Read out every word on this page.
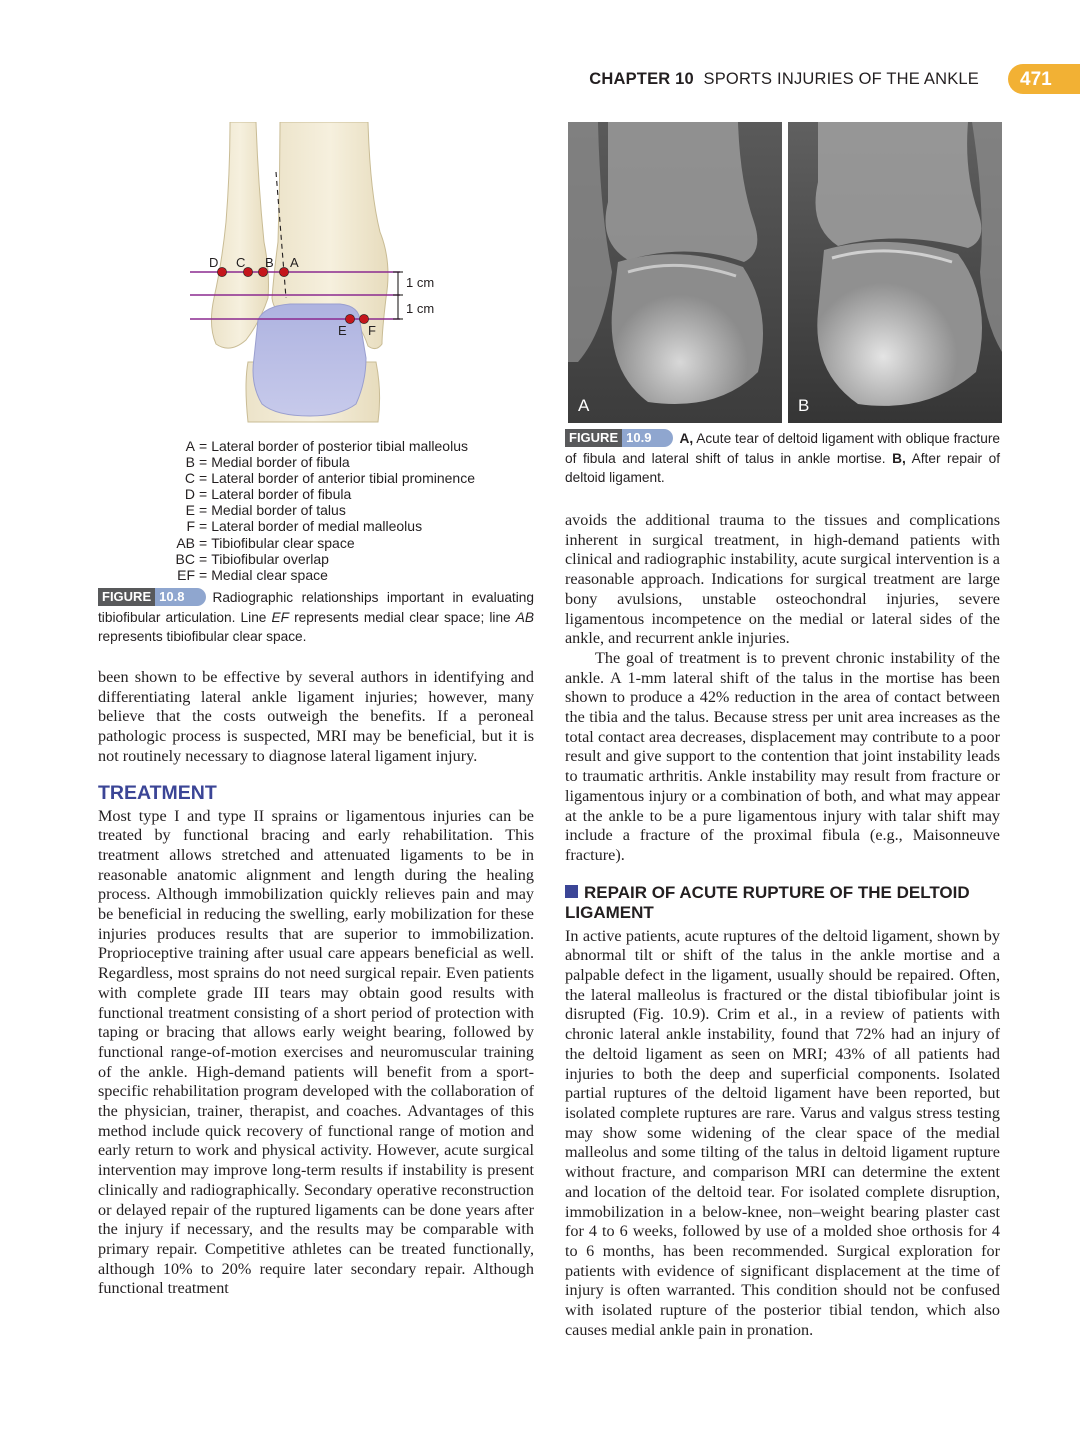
CHAPTER 10 SPORTS INJURIES OF THE ANKLE 471
1 cm
1 cm
D C B A
E F
A = Lateral border of posterior tibial malleolus
B = Medial border of fibula
C = Lateral border of anterior tibial prominence
D = Lateral border of fibula
E = Medial border of talus
F = Lateral border of medial malleolus
AB = Tibiofibular clear space
BC = Tibiofibular overlap
EF = Medial clear space
FIGURE 10.8	Radiographic relationships important in evaluating tibiofibular articulation. Line EF represents medial clear space; line AB represents tibiofibular clear space.
A	B
FIGURE 10.9	A, Acute tear of deltoid ligament with oblique fracture of fibula and lateral shift of talus in ankle mortise. B, After repair of deltoid ligament.

been shown to be effective by several authors in identifying and differentiating lateral ankle ligament injuries; however, many believe that the costs outweigh the benefits. If a peroneal pathologic process is suspected, MRI may be beneficial, but it is not routinely necessary to diagnose lateral ligament injury.

TREATMENT

Most type I and type II sprains or ligamentous injuries can be treated by functional bracing and early rehabilitation. This treatment allows stretched and attenuated ligaments to be in reasonable anatomic alignment and length during the healing process. Although immobilization quickly relieves pain and may be beneficial in reducing the swelling, early mobilization for these injuries produces results that are superior to immobilization. Proprioceptive training after usual care appears beneficial as well. Regardless, most sprains do not need surgical repair. Even patients with complete grade III tears may obtain good results with functional treatment consisting of a short period of protection with taping or bracing that allows early weight bearing, followed by functional range-of-motion exercises and neuromuscular training of the ankle. High-demand patients will benefit from a sport-specific rehabilitation program developed with the collaboration of the physician, trainer, therapist, and coaches. Advantages of this method include quick recovery of functional range of motion and early return to work and physical activity. However, acute surgical intervention may improve long-term results if instability is present clinically and radiographically. Secondary operative reconstruction or delayed repair of the ruptured ligaments can be done years after the injury if necessary, and the results may be comparable with primary repair. Competitive athletes can be treated functionally, although 10% to 20% require later secondary repair. Although functional treatment

avoids the additional trauma to the tissues and complications inherent in surgical treatment, in high-demand patients with clinical and radiographic instability, acute surgical intervention is a reasonable approach. Indications for surgical treatment are large bony avulsions, unstable osteochondral injuries, severe ligamentous incompetence on the medial or lateral sides of the ankle, and recurrent ankle injuries.

The goal of treatment is to prevent chronic instability of the ankle. A 1-mm lateral shift of the talus in the mortise has been shown to produce a 42% reduction in the area of contact between the tibia and the talus. Because stress per unit area increases as the total contact area decreases, displacement may contribute to a poor result and give support to the contention that joint instability leads to traumatic arthritis. Ankle instability may result from fracture or ligamentous injury or a combination of both, and what may appear at the ankle to be a pure ligamentous injury with talar shift may include a fracture of the proximal fibula (e.g., Maisonneuve fracture).

REPAIR OF ACUTE RUPTURE OF THE DELTOID LIGAMENT

In active patients, acute ruptures of the deltoid ligament, shown by abnormal tilt or shift of the talus in the ankle mortise and a palpable defect in the ligament, usually should be repaired. Often, the lateral malleolus is fractured or the distal tibiofibular joint is disrupted (Fig. 10.9). Crim et al., in a review of patients with chronic lateral ankle instability, found that 72% had an injury of the deltoid ligament as seen on MRI; 43% of all patients had injuries to both the deep and superficial components. Isolated partial ruptures of the deltoid ligament have been reported, but isolated complete ruptures are rare. Varus and valgus stress testing may show some widening of the clear space of the medial malleolus and some tilting of the talus in deltoid ligament rupture without fracture, and comparison MRI can determine the extent and location of the deltoid tear. For isolated complete disruption, immobilization in a below-knee, non–weight bearing plaster cast for 4 to 6 weeks, followed by use of a molded shoe orthosis for 4 to 6 months, has been recommended. Surgical exploration for patients with evidence of significant displacement at the time of injury is often warranted. This condition should not be confused with isolated rupture of the posterior tibial tendon, which also causes medial ankle pain in pronation.
